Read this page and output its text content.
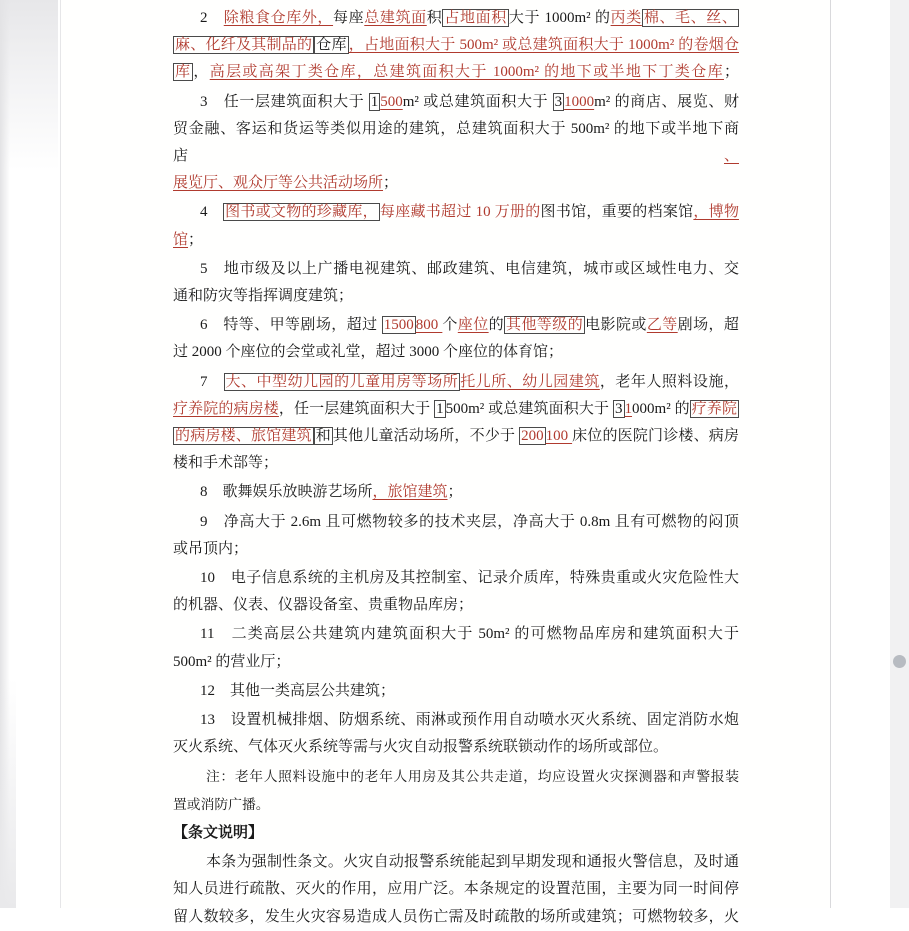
2　除粮食仓库外，每座总建筑面积 占地面积 大于 1000m² 的丙类 棉、毛、丝、
麻、化纤及其制品的 仓库 ，占地面积大于 500m² 或总建筑面积大于 1000m² 的卷烟仓
库 ，高层或高架丁类仓库，总建筑面积大于 1000m² 的地下或半地下丁类仓库；
3　任一层建筑面积大于 1 500m² 或总建筑面积大于 3 1000m² 的商店、展览、财
贸金融、客运和货运等类似用途的建筑，总建筑面积大于 500m² 的地下或半地下商店、
展览厅、观众厅等公共活动场所；
4　图书或文物的珍藏库， 每座藏书超过 10 万册的图书馆，重要的档案馆，博物
馆；
5　地市级及以上广播电视建筑、邮政建筑、电信建筑，城市或区域性电力、交
通和防灾等指挥调度建筑；
6　特等、甲等剧场，超过 1500 800 个座位的 其他等级的 电影院或乙等剧场，超
过 2000 个座位的会堂或礼堂，超过 3000 个座位的体育馆；
7　大、中型幼儿园的儿童用房等场所 托儿所、幼儿园建筑，老年人照料设施，
疗养院的病房楼，任一层建筑面积大于 1 500m² 或总建筑面积大于 3 1000m² 的 疗养院
的病房楼、旅馆建筑 和 其他儿童活动场所，不少于 200 100 床位的医院门诊楼、病房
楼和手术部等；
8　歌舞娱乐放映游艺场所，旅馆建筑；
9　净高大于 2.6m 且可燃物较多的技术夹层，净高大于 0.8m 且有可燃物的闷顶
或吊顶内；
10　电子信息系统的主机房及其控制室、记录介质库，特殊贵重或火灾危险性大
的机器、仪表、仪器设备室、贵重物品库房；
11　二类高层公共建筑内建筑面积大于 50m² 的可燃物品库房和建筑面积大于
500m² 的营业厅；
12　其他一类高层公共建筑；
13　设置机械排烟、防烟系统、雨淋或预作用自动喷水灭火系统、固定消防水炮
灭火系统、气体灭火系统等需与火灾自动报警系统联锁动作的场所或部位。
注：老年人照料设施中的老年人用房及其公共走道，均应设置火灾探测器和声警报装
置或消防广播。
【条文说明】
本条为强制性条文。火灾自动报警系统能起到早期发现和通报火警信息，及时通
知人员进行疏散、灭火的作用，应用广泛。本条规定的设置范围，主要为同一时间停
留人数较多，发生火灾容易造成人员伤亡需及时疏散的场所或建筑；可燃物较多，火
